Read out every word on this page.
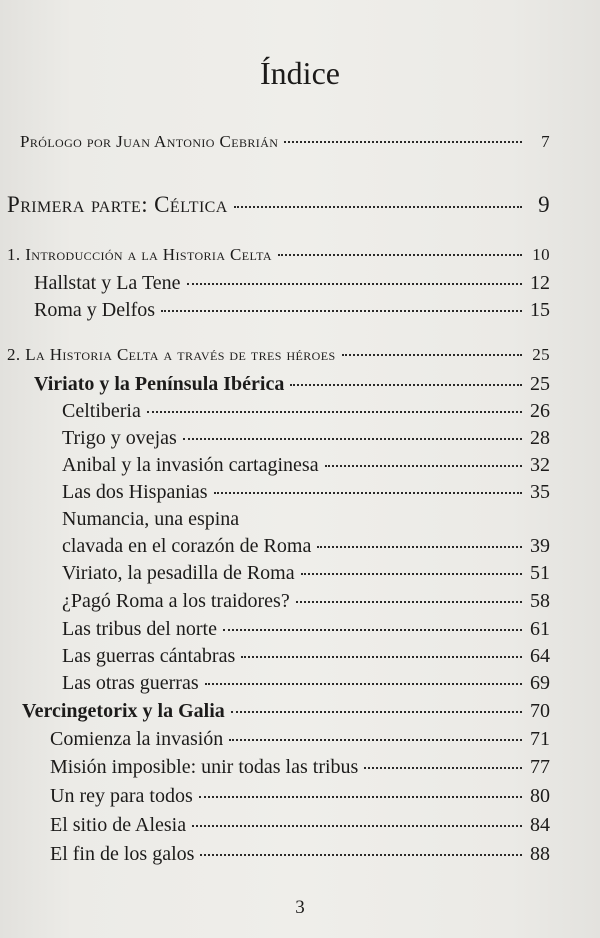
Índice
Prólogo por Juan Antonio Cebrián	7
Primera parte: Céltica	9
1. Introducción a la Historia Celta	10
Hallstat y La Tene	12
Roma y Delfos	15
2. La Historia Celta a través de tres héroes	25
Viriato y la Península Ibérica	25
Celtiberia	26
Trigo y ovejas	28
Anibal y la invasión cartaginesa	32
Las dos Hispanias	35
Numancia, una espina
clavada en el corazón de Roma	39
Viriato, la pesadilla de Roma	51
¿Pagó Roma a los traidores?	58
Las tribus del norte	61
Las guerras cántabras	64
Las otras guerras	69
Vercingetorix y la Galia	70
Comienza la invasión	71
Misión imposible: unir todas las tribus	77
Un rey para todos	80
El sitio de Alesia	84
El fin de los galos	88
3
